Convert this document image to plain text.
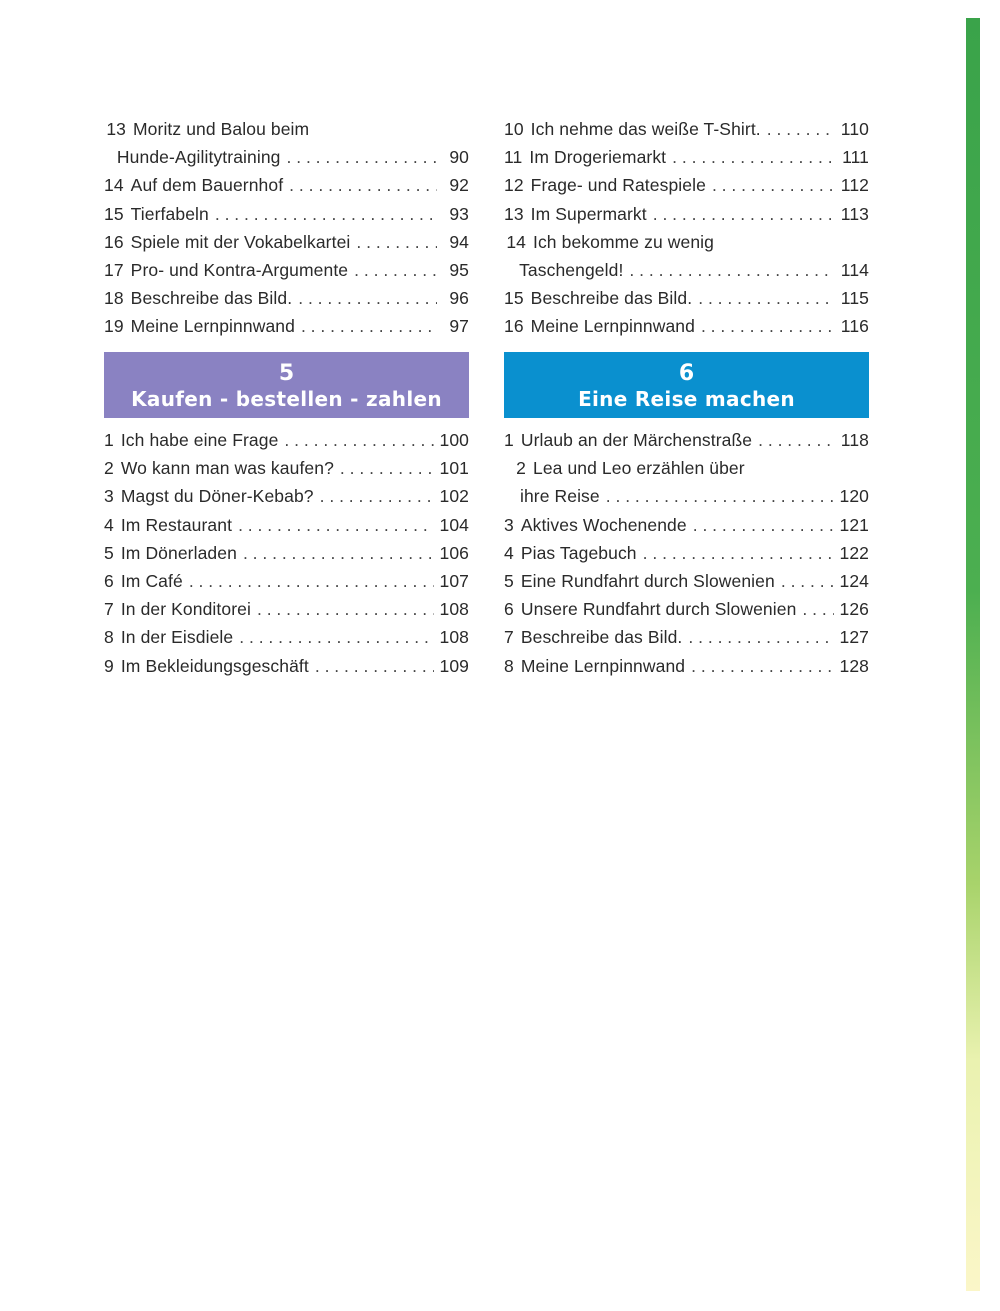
13 Moritz und Balou beim
Hunde-Agilitytraining . . .	90
14 Auf dem Bauernhof . . .	92
15 Tierfabeln . . .	93
16 Spiele mit der Vokabelkartei . . .	94
17 Pro- und Kontra-Argumente . . .	95
18 Beschreibe das Bild. . . .	96
19 Meine Lernpinnwand . . .	97
10 Ich nehme das weiße T-Shirt. . . .	110
11 Im Drogeriemarkt . . .	111
12 Frage- und Ratespiele . . .	112
13 Im Supermarkt . . .	113
14 Ich bekomme zu wenig
Taschengeld! . . .	114
15 Beschreibe das Bild. . . .	115
16 Meine Lernpinnwand . . .	116
5
Kaufen - bestellen - zahlen
6
Eine Reise machen
1 Ich habe eine Frage . . .	100
2 Wo kann man was kaufen? . . .	101
3 Magst du Döner-Kebab? . . .	102
4 Im Restaurant . . .	104
5 Im Dönerladen . . .	106
6 Im Café . . .	107
7 In der Konditorei . . .	108
8 In der Eisdiele . . .	108
9 Im Bekleidungsgeschäft . . .	109
1 Urlaub an der Märchenstraße . . .	118
2 Lea und Leo erzählen über
ihre Reise . . .	120
3 Aktives Wochenende . . .	121
4 Pias Tagebuch . . .	122
5 Eine Rundfahrt durch Slowenien . . .	124
6 Unsere Rundfahrt durch Slowenien . . . 126
7 Beschreibe das Bild. . . .	127
8 Meine Lernpinnwand . . .	128
